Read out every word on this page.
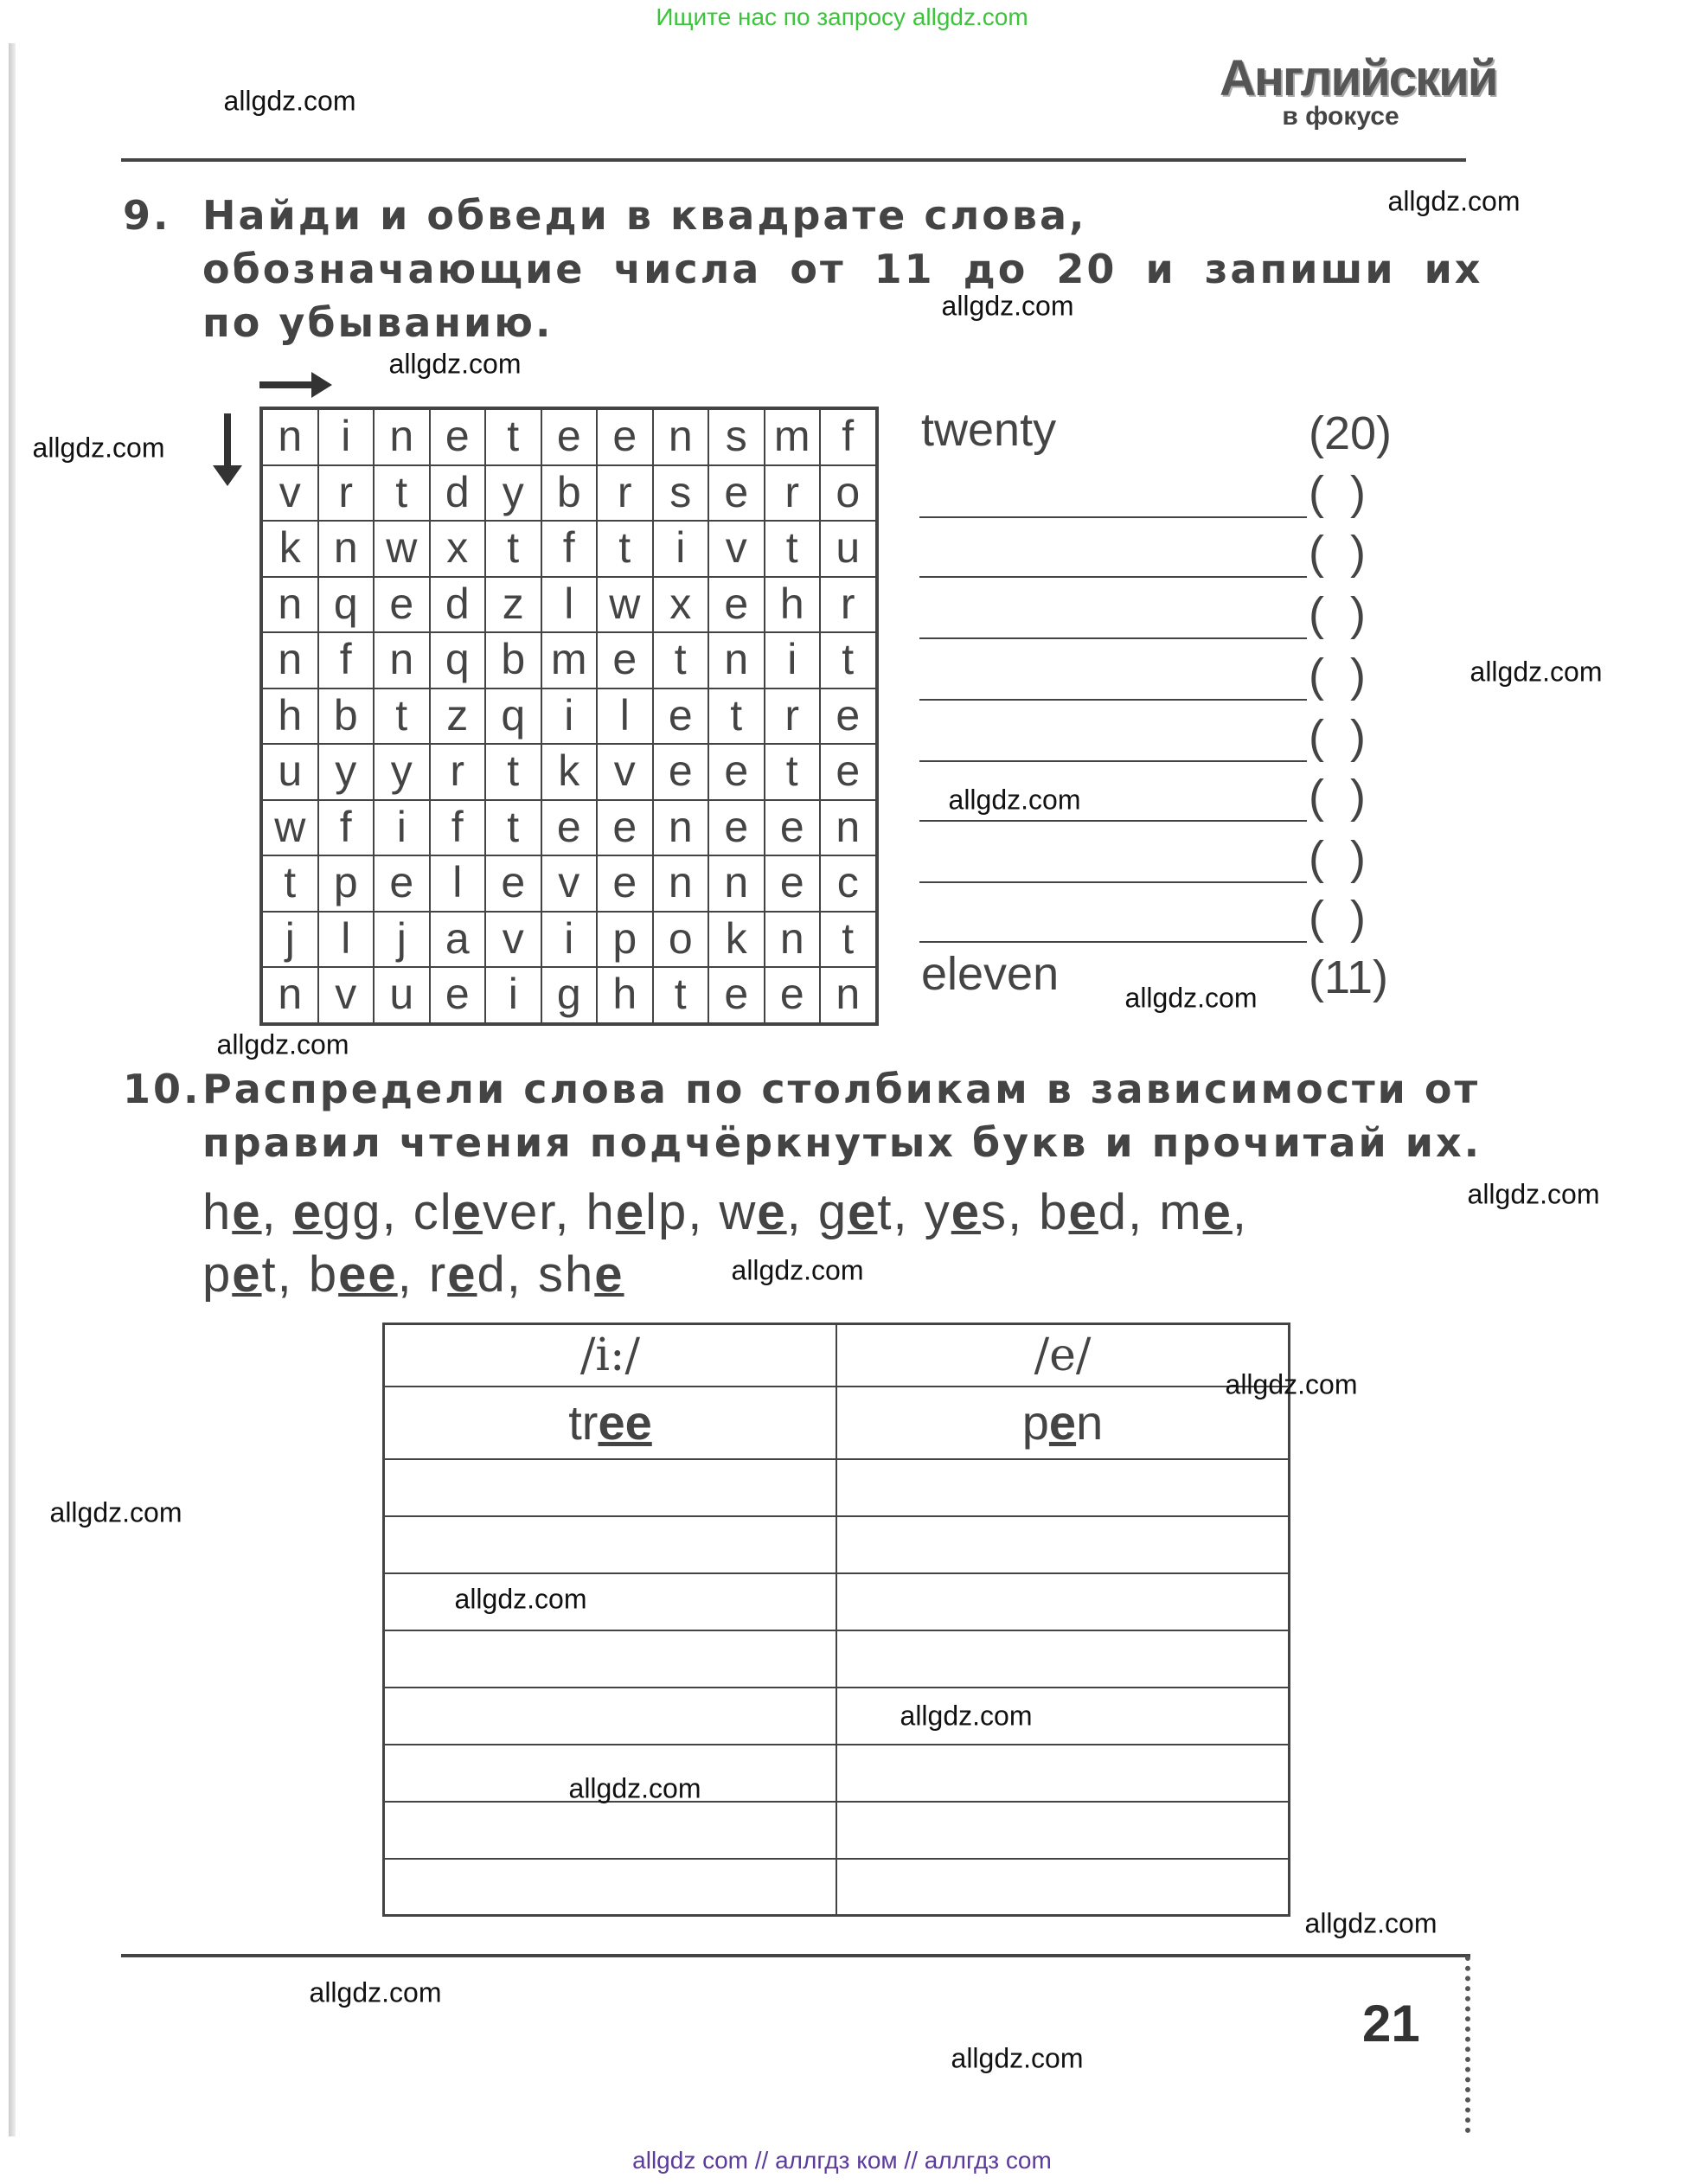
Ищите нас по запросу allgdz.com
Английский
в фокусе
9. Найди и обведи в квадрате слова,
обозначающие числа от 11 до 20 и запиши их
по убыванию.
n i n e t e e n s m f
v r t d y b r s e r o
k n w x t	f	t	i v t u
n q e d z l w x e h r
n f n q b m e t n i	t
h b t z q i	l e t r e
u y y r t k v e e t e
w f	i	f	t e e n e e n
t p e l e v e n n e c
j	l	j a v i p o k n t
n v u e i g h t e e n
twenty	(20)
(  )
(  )
(  )
(  )
(  )
(  )
(  )
(  )
eleven	(11)
10. Распредели слова по столбикам в зависимости от
правил чтения подчёркнутых букв и прочитай их.
he, egg, clever, help, we, get, yes, bed, me,
pet, bee, red, she
/i:/	/e/
tree	pen

21
allgdz.com
allgdz.com
allgdz.com
allgdz.com
allgdz.com
allgdz.com
allgdz.com
allgdz.com
allgdz.com
allgdz.com
allgdz.com
allgdz.com
allgdz.com
allgdz.com
allgdz.com
allgdz.com
allgdz.com
allgdz.com
allgdz.com
allgdz com // аллгдз ком // аллгдз com
